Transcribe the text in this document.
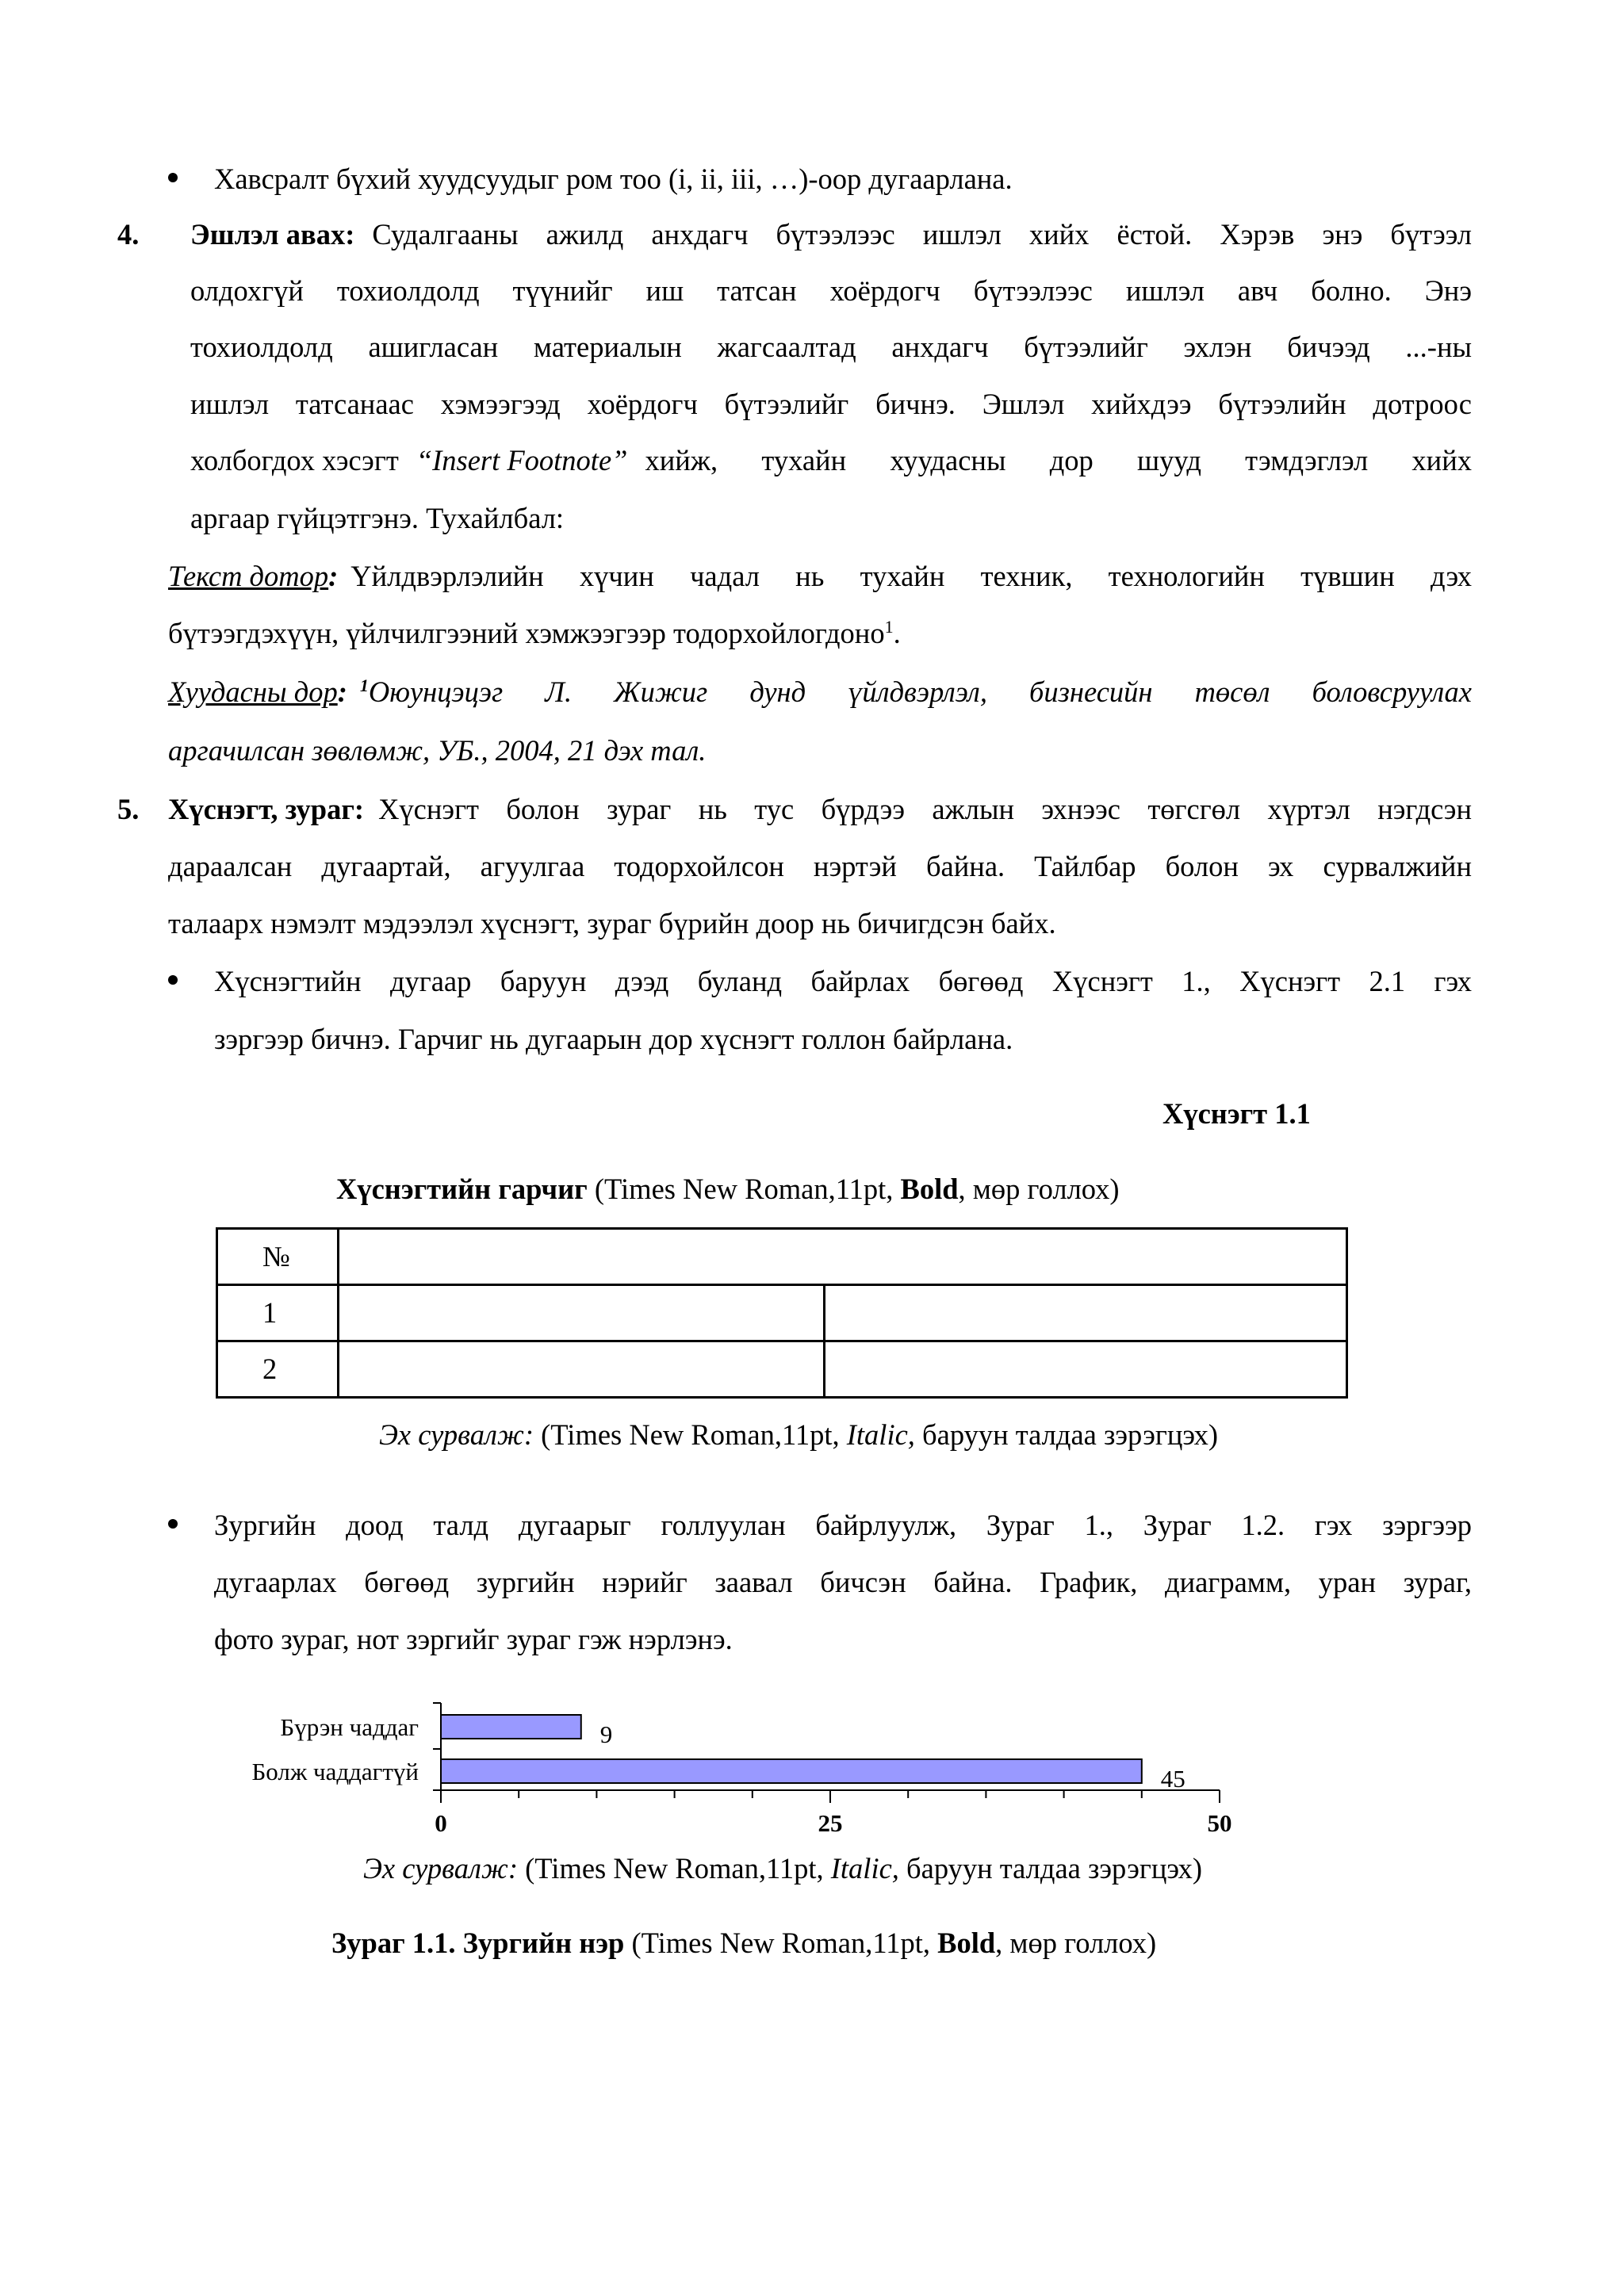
Хавсралт бүхий хуудсуудыг ром тоо (i, ii, iii, …)-оор дугаарлана.
4. Эшлэл авах: Судалгааны ажилд анхдагч бүтээлээс ишлэл хийх ёстой. Хэрэв энэ бүтээл
олдохгүй тохиолдолд түүнийг иш татсан хоёрдогч бүтээлээс ишлэл авч болно. Энэ
тохиолдолд ашигласан материалын жагсаалтад анхдагч бүтээлийг эхлэн бичээд ...-ны
ишлэл татсанаас хэмээгээд хоёрдогч бүтээлийг бичнэ. Эшлэл хийхдээ бүтээлийн дотроос
холбогдох хэсэгт “Insert Footnote” хийж, тухайн хуудасны дор шууд тэмдэглэл хийх
аргаар гүйцэтгэнэ. Тухайлбал:
Текст дотор: Үйлдвэрлэлийн хүчин чадал нь тухайн техник, технологийн түвшин дэх
бүтээгдэхүүн, үйлчилгээний хэмжээгээр тодорхойлогдоно$^1$.
Хуудасны дор: $^1$ Оюунцэцэг Л. Жижиг дунд үйлдвэрлэл, бизнесийн төсөл боловсруулах
аргачилсан зөвлөмж, УБ., 2004, 21 дэх тал.
5. Хүснэгт, зураг: Хүснэгт болон зураг нь тус бүрдээ ажлын эхнээс төгсгөл хүртэл нэгдсэн
дараалсан дугаартай, агуулгаа тодорхойлсон нэртэй байна. Тайлбар болон эх сурвалжийн
талаарх нэмэлт мэдээлэл хүснэгт, зураг бүрийн доор нь бичигдсэн байх.
Хүснэгтийн дугаар баруун дээд буланд байрлах бөгөөд Хүснэгт 1., Хүснэгт 2.1 гэх
зэргээр бичнэ. Гарчиг нь дугаарын дор хүснэгт голлон байрлана.
Хүснэгт 1.1
Хүснэгтийн гарчиг (Times New Roman,11pt, Bold, мөр голлох)
№		
1		
2		
Эх сурвалж: (Times New Roman,11pt, Italic, баруун талдаа зэрэгцэх)
Зургийн доод талд дугаарыг голлуулан байрлуулж, Зураг 1., Зураг 1.2. гэх зэргээр
дугаарлах бөгөөд зургийн нэрийг заавал бичсэн байна. График, диаграмм, уран зураг,
фото зураг, нот зэргийг зураг гэж нэрлэнэ.
Бүрэн чаддаг	9
Болж чаддагтүй	45
0	25	50
Эх сурвалж: (Times New Roman,11pt, Italic, баруун талдаа зэрэгцэх)
Зураг 1.1. Зургийн нэр (Times New Roman,11pt, Bold, мөр голлох)
